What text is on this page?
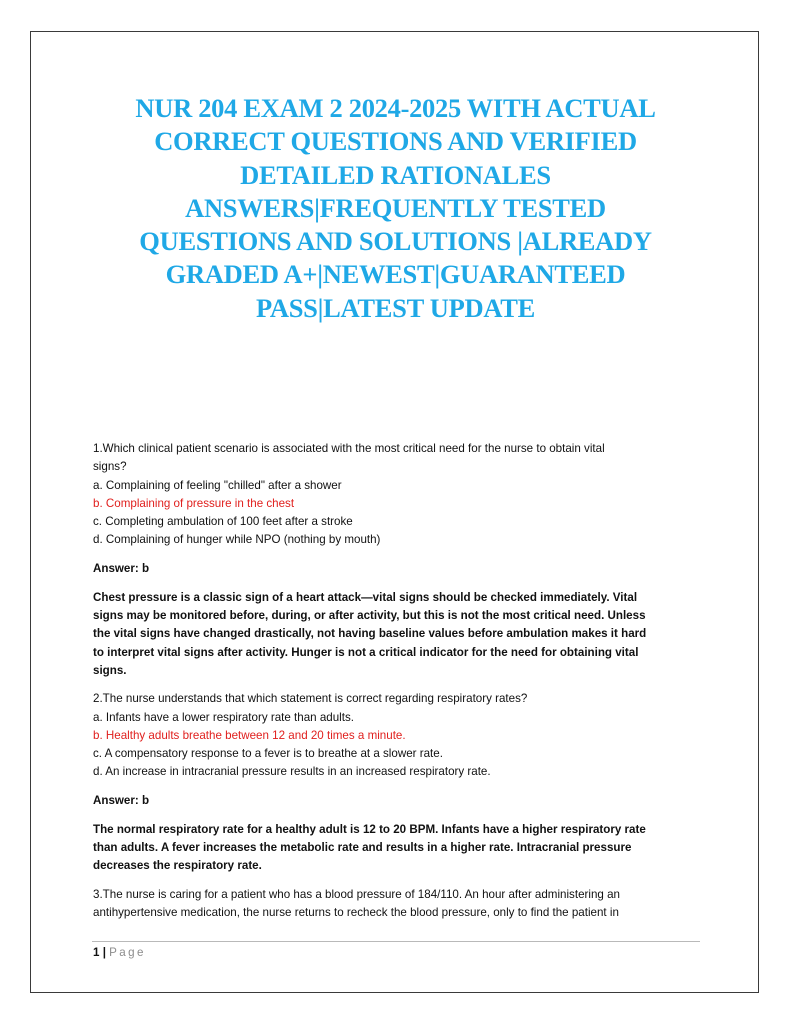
NUR 204 EXAM 2 2024-2025 WITH ACTUAL
CORRECT QUESTIONS AND VERIFIED
DETAILED RATIONALES
ANSWERS|FREQUENTLY TESTED
QUESTIONS AND SOLUTIONS |ALREADY
GRADED A+|NEWEST|GUARANTEED
PASS|LATEST UPDATE
1.Which clinical patient scenario is associated with the most critical need for the nurse to obtain vital
signs?
a. Complaining of feeling "chilled" after a shower
b. Complaining of pressure in the chest
c. Completing ambulation of 100 feet after a stroke
d. Complaining of hunger while NPO (nothing by mouth)
Answer: b
Chest pressure is a classic sign of a heart attack—vital signs should be checked immediately. Vital
signs may be monitored before, during, or after activity, but this is not the most critical need. Unless
the vital signs have changed drastically, not having baseline values before ambulation makes it hard
to interpret vital signs after activity. Hunger is not a critical indicator for the need for obtaining vital
signs.
2.The nurse understands that which statement is correct regarding respiratory rates?
a. Infants have a lower respiratory rate than adults.
b. Healthy adults breathe between 12 and 20 times a minute.
c. A compensatory response to a fever is to breathe at a slower rate.
d. An increase in intracranial pressure results in an increased respiratory rate.
Answer: b
The normal respiratory rate for a healthy adult is 12 to 20 BPM. Infants have a higher respiratory rate
than adults. A fever increases the metabolic rate and results in a higher rate. Intracranial pressure
decreases the respiratory rate.
3.The nurse is caring for a patient who has a blood pressure of 184/110. An hour after administering an
antihypertensive medication, the nurse returns to recheck the blood pressure, only to find the patient in
1 | Page
